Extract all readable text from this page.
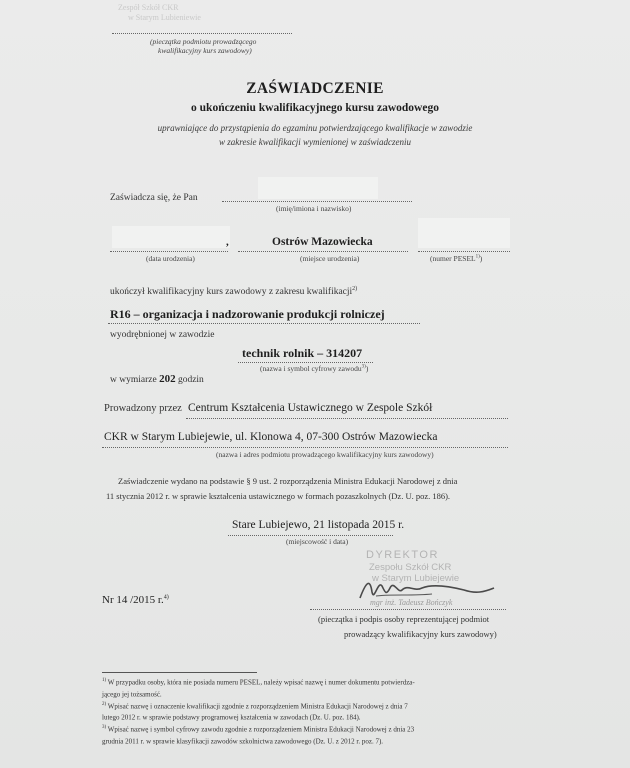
Zespół Szkół CKR
w Starym Lubieniewie
(pieczątka podmiotu prowadzącego
kwalifikacyjny kurs zawodowy)
ZAŚWIADCZENIE
o ukończeniu kwalifikacyjnego kursu zawodowego
uprawniające do przystąpienia do egzaminu potwierdzającego kwalifikacje w zawodzie
w zakresie kwalifikacji wymienionej w zaświadczeniu
Zaświadcza się, że Pan
(imię/imiona i nazwisko)
,	Ostrów Mazowiecka
(data urodzenia)	(miejsce urodzenia)	(numer PESEL$^{1)}$)
ukończył kwalifikacyjny kurs zawodowy z zakresu kwalifikacji$^{2)}$
R16 – organizacja i nadzorowanie produkcji rolniczej
wyodrębnionej w zawodzie
technik rolnik – 314207
(nazwa i symbol cyfrowy zawodu$^{3)}$)
w wymiarze 202 godzin
Prowadzony przez Centrum Kształcenia Ustawicznego w Zespole Szkół
CKR w Starym Lubiejewie, ul. Klonowa 4, 07-300 Ostrów Mazowiecka
(nazwa i adres podmiotu prowadzącego kwalifikacyjny kurs zawodowy)
Zaświadczenie wydano na podstawie § 9 ust. 2 rozporządzenia Ministra Edukacji Narodowej z dnia
11 stycznia 2012 r. w sprawie kształcenia ustawicznego w formach pozaszkolnych (Dz. U. poz. 186).
Stare Lubiejewo, 21 listopada 2015 r.
(miejscowość i data)
DYREKTOR
Zespołu Szkół CKR
w Starym Lubiejewie
mgr inż. Tadeusz Bończyk
(pieczątka i podpis osoby reprezentującej podmiot
prowadzący kwalifikacyjny kurs zawodowy)
Nr 14 /2015 r.$^{4)}$
$^{1)}$ W przypadku osoby, która nie posiada numeru PESEL, należy wpisać nazwę i numer dokumentu potwierdza-
jącego jej tożsamość.
$^{2)}$ Wpisać nazwę i oznaczenie kwalifikacji zgodnie z rozporządzeniem Ministra Edukacji Narodowej z dnia 7
lutego 2012 r. w sprawie podstawy programowej kształcenia w zawodach (Dz. U. poz. 184).
$^{3)}$ Wpisać nazwę i symbol cyfrowy zawodu zgodnie z rozporządzeniem Ministra Edukacji Narodowej z dnia 23
grudnia 2011 r. w sprawie klasyfikacji zawodów szkolnictwa zawodowego (Dz. U. z 2012 r. poz. 7).
